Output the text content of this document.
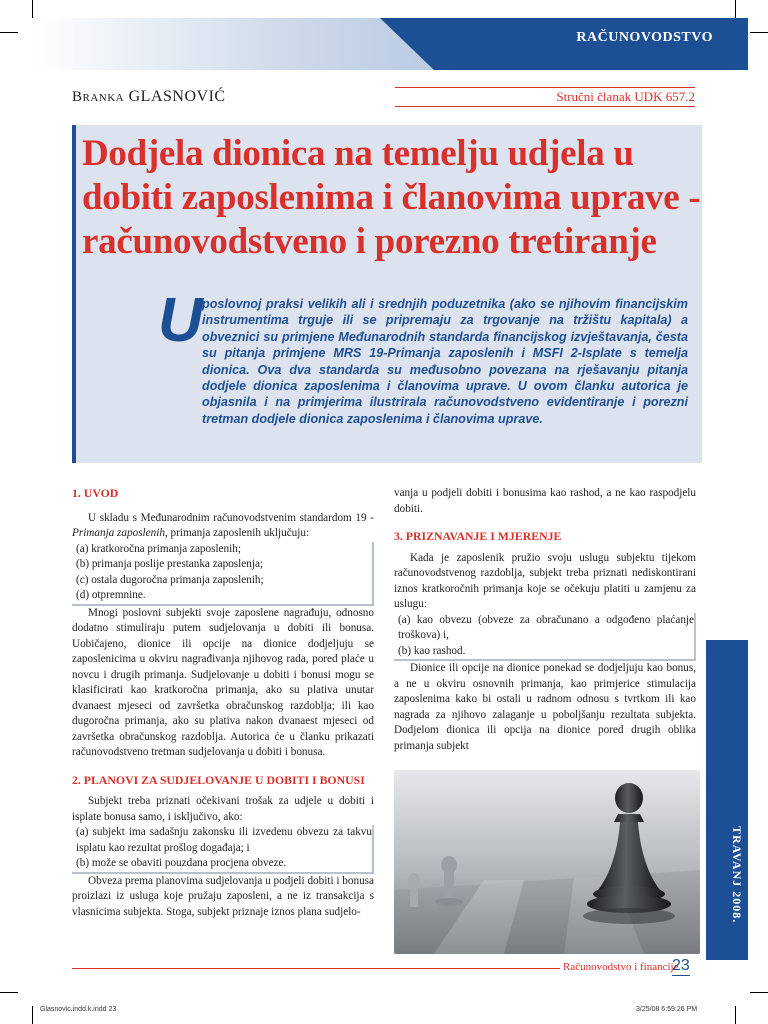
RAČUNOVODSTVO
Branka GLASNOVIĆ	Stručni članak UDK 657.2
Dodjela dionica na temelju udjela u dobiti zaposlenima i članovima uprave - računovodstveno i porezno tretiranje
U poslovnoj praksi velikih ali i srednjih poduzetnika (ako se njihovim financijskim instrumentima trguje ili se pripremaju za trgovanje na tržištu kapitala) a obveznici su primjene Međunarodnih standarda financijskog izvještavanja, česta su pitanja primjene MRS 19-Primanja zaposlenih i MSFI 2-Isplate s temelja dionica. Ova dva standarda su međusobno povezana na rješavanju pitanja dodjele dionica zaposlenima i članovima uprave. U ovom članku autorica je objasnila i na primjerima ilustrirala računovodstveno evidentiranje i porezni tretman dodjele dionica zaposlenima i članovima uprave.

1. UVOD

U skladu s Međunarodnim računovodstvenim standardom 19 - Primanja zaposlenih, primanja zaposlenih uključuju:

(a) kratkoročna primanja zaposlenih;
(b) primanja poslije prestanka zaposlenja;
(c) ostala dugoročna primanja zaposlenih;
(d) otpremnine.

Mnogi poslovni subjekti svoje zaposlene nagrađuju, odnosno dodatno stimuliraju putem sudjelovanja u dobiti ili bonusa. Uobičajeno, dionice ili opcije na dionice dodjeljuju se zaposlenicima u okviru nagrađivanja njihovog rada, pored plaće u novcu i drugih primanja. Sudjelovanje u dobiti i bonusi mogu se klasificirati kao kratkoročna primanja, ako su plativa unutar dvanaest mjeseci od završetka obračunskog razdoblja; ili kao dugoročna primanja, ako su plativa nakon dvanaest mjeseci od završetka obračunskog razdoblja. Autorica će u članku prikazati računovodstveno tretman sudjelovanja u dobiti i bonusa.

2. PLANOVI ZA SUDJELOVANJE U DOBITI I BONUSI

Subjekt treba priznati očekivani trošak za udjele u dobiti i isplate bonusa samo, i isključivo, ako:

(a) subjekt ima sadašnju zakonsku ili izvedenu obvezu za takvu isplatu kao rezultat prošlog događaja; i
(b) može se obaviti pouzdana procjena obveze.

Obveza prema planovima sudjelovanja u podjeli dobiti i bonusa proizlazi iz usluga koje pružaju zaposleni, a ne iz transakcija s vlasnicima subjekta. Stoga, subjekt priznaje iznos plana sudjelo-

vanja u podjeli dobiti i bonusima kao rashod, a ne kao raspodjelu dobiti.

3. PRIZNAVANJE I MJERENJE

Kada je zaposlenik pružio svoju uslugu subjektu tijekom računovodstvenog razdoblja, subjekt treba priznati nediskontirani iznos kratkoročnih primanja koje se očekuju platiti u zamjenu za uslugu:

(a) kao obvezu (obveze za obračunano a odgođeno plaćanje troškova) i,
(b) kao rashod.

Dionice ili opcije na dionice ponekad se dodjeljuju kao bonus, a ne u okviru osnovnih primanja, kao primjerice stimulacija zaposlenima kako bi ostali u radnom odnosu s tvrtkom ili kao nagrada za njihovo zalaganje u poboljšanju rezultata subjekta. Dodjelom dionica ili opcija na dionice pored drugih oblika primanja subjekt

TRAVANJ 2008.
Računovodstvo i financije
23
Glasnovic.indd.k.indd 23	3/25/08 6:59:26 PM
